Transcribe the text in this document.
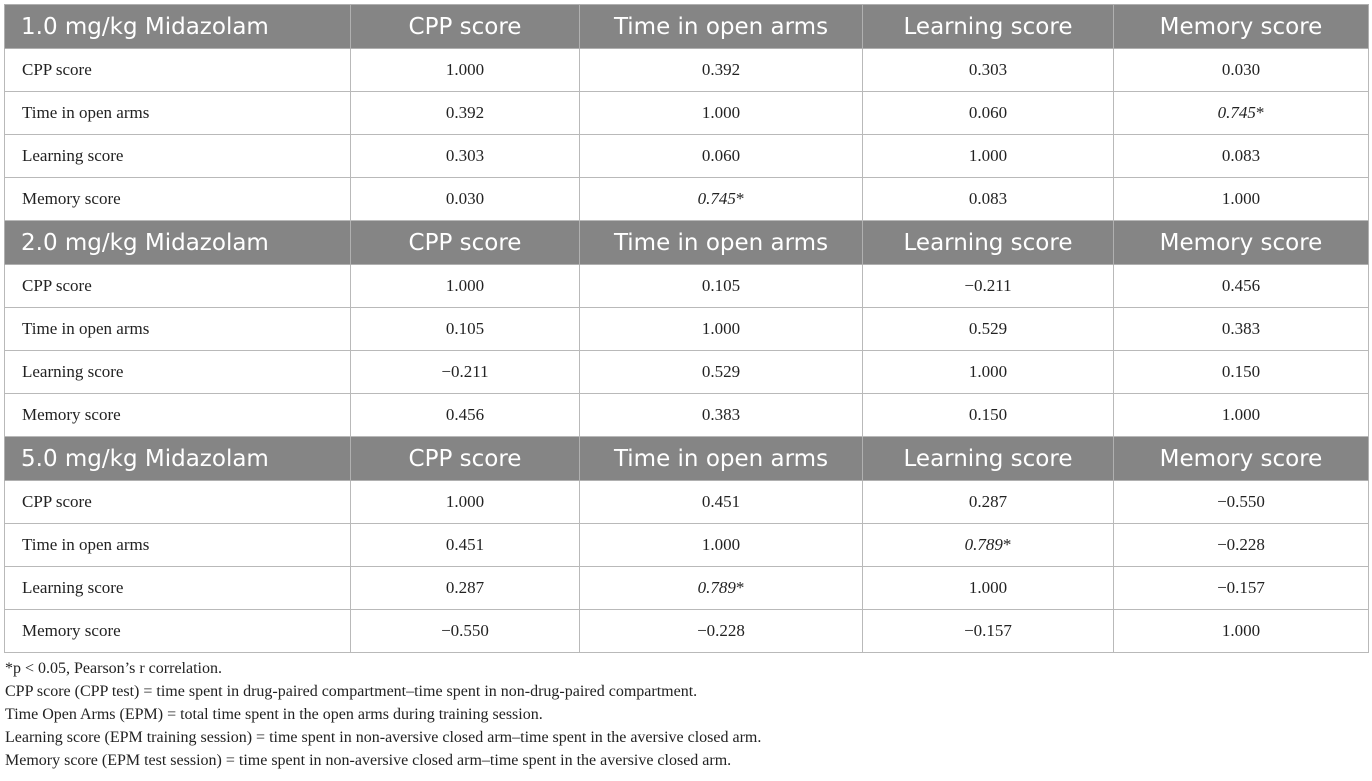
1.0 mg/kg Midazolam	CPP score	Time in open arms	Learning score	Memory score
CPP score	1.000	0.392	0.303	0.030
Time in open arms	0.392	1.000	0.060	0.745*
Learning score	0.303	0.060	1.000	0.083
Memory score	0.030	0.745*	0.083	1.000
2.0 mg/kg Midazolam	CPP score	Time in open arms	Learning score	Memory score
CPP score	1.000	0.105	−0.211	0.456
Time in open arms	0.105	1.000	0.529	0.383
Learning score	−0.211	0.529	1.000	0.150
Memory score	0.456	0.383	0.150	1.000
5.0 mg/kg Midazolam	CPP score	Time in open arms	Learning score	Memory score
CPP score	1.000	0.451	0.287	−0.550
Time in open arms	0.451	1.000	0.789*	−0.228
Learning score	0.287	0.789*	1.000	−0.157
Memory score	−0.550	−0.228	−0.157	1.000
*p < 0.05, Pearson’s r correlation.
CPP score (CPP test) = time spent in drug-paired compartment–time spent in non-drug-paired compartment.
Time Open Arms (EPM) = total time spent in the open arms during training session.
Learning score (EPM training session) = time spent in non-aversive closed arm–time spent in the aversive closed arm.
Memory score (EPM test session) = time spent in non-aversive closed arm–time spent in the aversive closed arm.
